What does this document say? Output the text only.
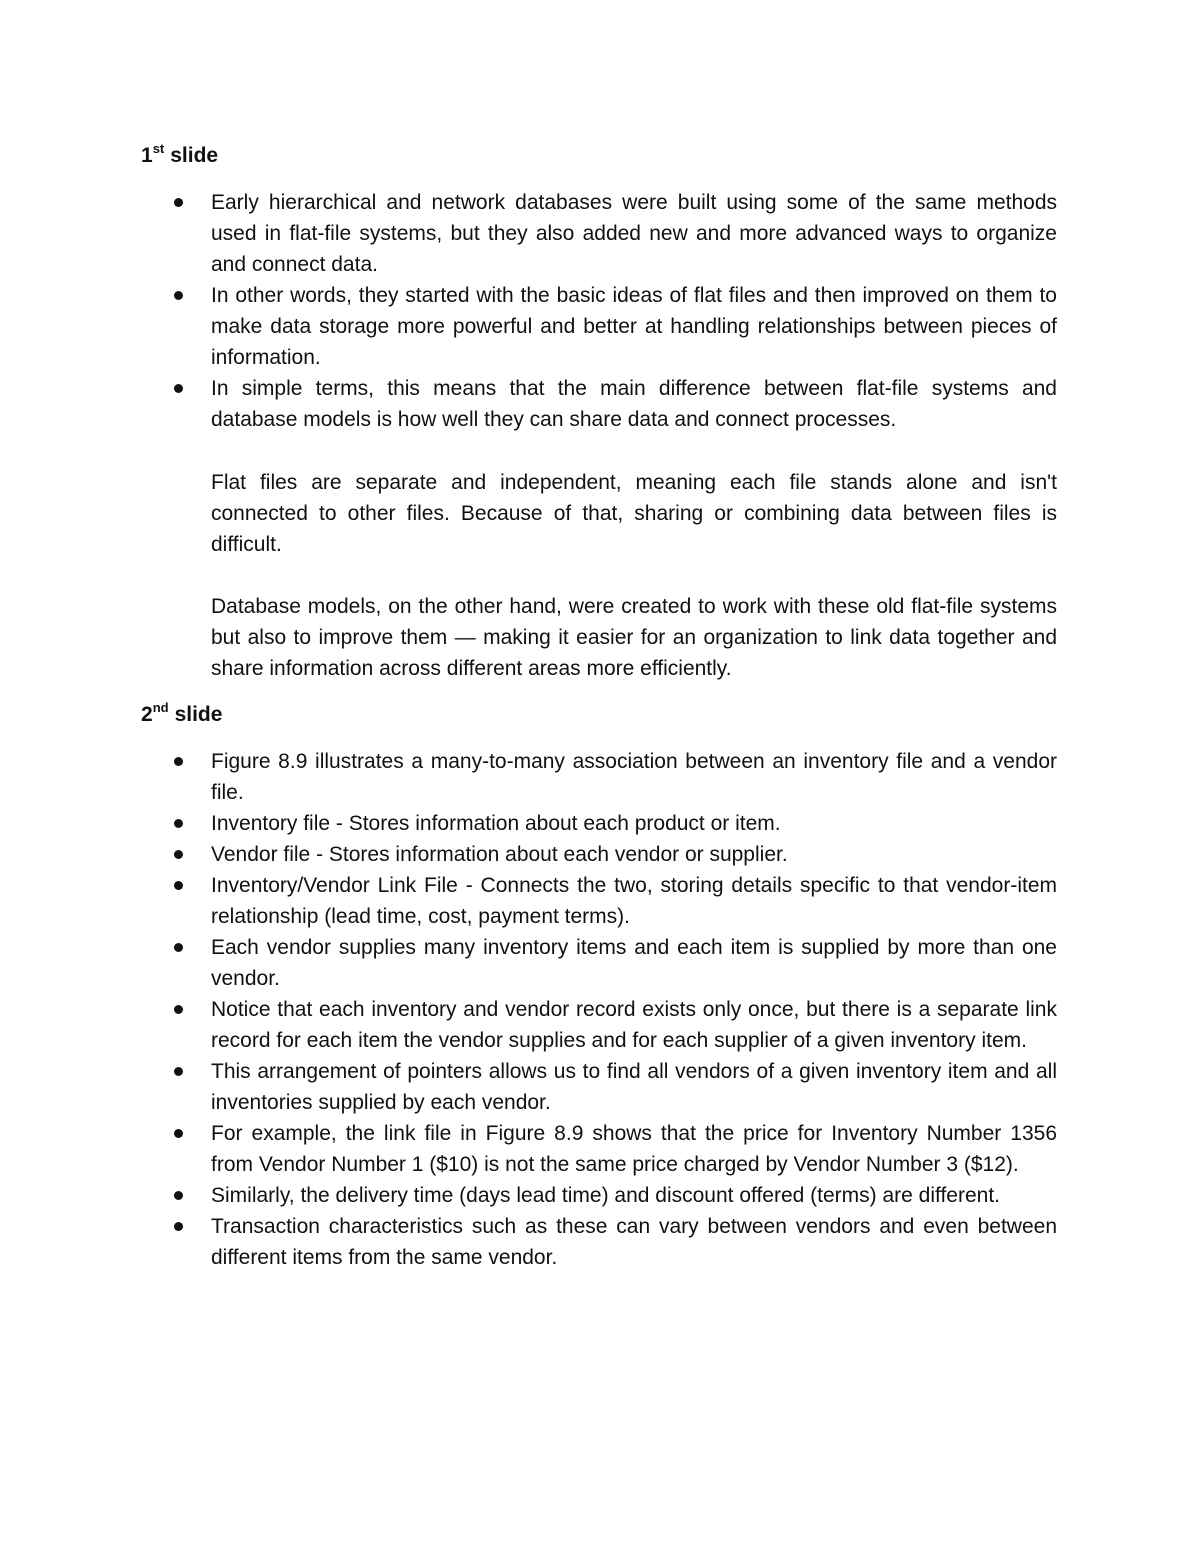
1st slide
Early hierarchical and network databases were built using some of the same methods used in flat-file systems, but they also added new and more advanced ways to organize and connect data.
In other words, they started with the basic ideas of flat files and then improved on them to make data storage more powerful and better at handling relationships between pieces of information.
In simple terms, this means that the main difference between flat-file systems and database models is how well they can share data and connect processes.

Flat files are separate and independent, meaning each file stands alone and isn't connected to other files. Because of that, sharing or combining data between files is difficult.

Database models, on the other hand, were created to work with these old flat-file systems but also to improve them — making it easier for an organization to link data together and share information across different areas more efficiently.

2nd slide
Figure 8.9 illustrates a many-to-many association between an inventory file and a vendor file.
Inventory file - Stores information about each product or item.
Vendor file - Stores information about each vendor or supplier.
Inventory/Vendor Link File - Connects the two, storing details specific to that vendor-item relationship (lead time, cost, payment terms).
Each vendor supplies many inventory items and each item is supplied by more than one vendor.
Notice that each inventory and vendor record exists only once, but there is a separate link record for each item the vendor supplies and for each supplier of a given inventory item.
This arrangement of pointers allows us to find all vendors of a given inventory item and all inventories supplied by each vendor.
For example, the link file in Figure 8.9 shows that the price for Inventory Number 1356 from Vendor Number 1 ($10) is not the same price charged by Vendor Number 3 ($12).
Similarly, the delivery time (days lead time) and discount offered (terms) are different.
Transaction characteristics such as these can vary between vendors and even between different items from the same vendor.
